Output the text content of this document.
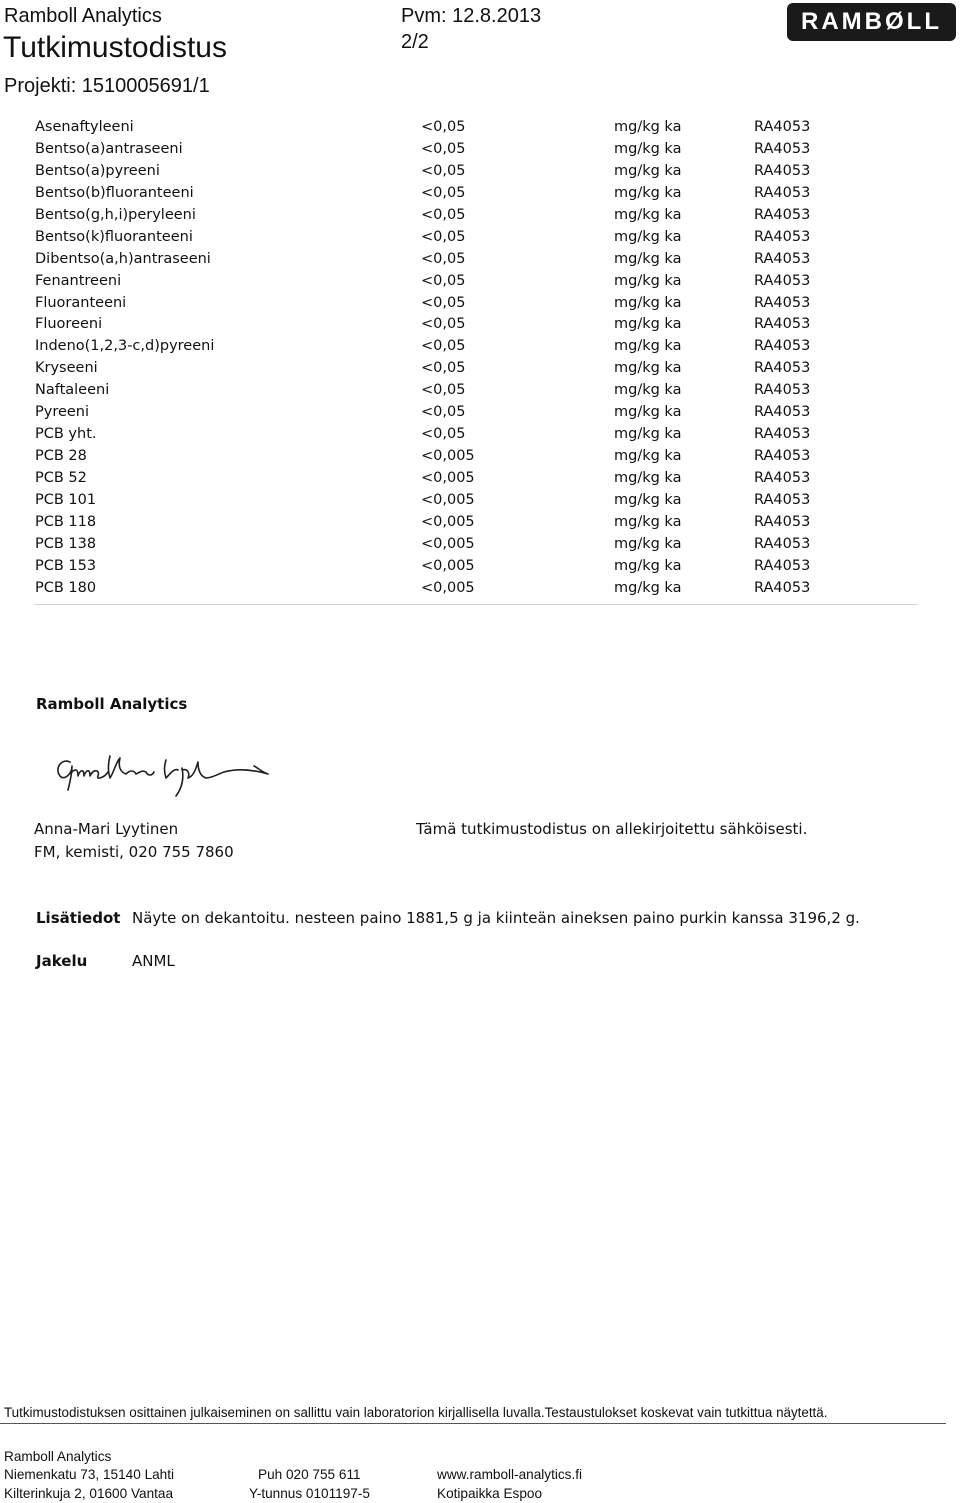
Ramboll Analytics
Tutkimustodistus
Projekti: 1510005691/1
Pvm: 12.8.2013
2/2
RAMBØLL
Asenaftyleeni	<0,05	mg/kg ka	RA4053
Bentso(a)antraseeni	<0,05	mg/kg ka	RA4053
Bentso(a)pyreeni	<0,05	mg/kg ka	RA4053
Bentso(b)fluoranteeni	<0,05	mg/kg ka	RA4053
Bentso(g,h,i)peryleeni	<0,05	mg/kg ka	RA4053
Bentso(k)fluoranteeni	<0,05	mg/kg ka	RA4053
Dibentso(a,h)antraseeni	<0,05	mg/kg ka	RA4053
Fenantreeni	<0,05	mg/kg ka	RA4053
Fluoranteeni	<0,05	mg/kg ka	RA4053
Fluoreeni	<0,05	mg/kg ka	RA4053
Indeno(1,2,3-c,d)pyreeni	<0,05	mg/kg ka	RA4053
Kryseeni	<0,05	mg/kg ka	RA4053
Naftaleeni	<0,05	mg/kg ka	RA4053
Pyreeni	<0,05	mg/kg ka	RA4053
PCB yht.	<0,05	mg/kg ka	RA4053
PCB 28	<0,005	mg/kg ka	RA4053
PCB 52	<0,005	mg/kg ka	RA4053
PCB 101	<0,005	mg/kg ka	RA4053
PCB 118	<0,005	mg/kg ka	RA4053
PCB 138	<0,005	mg/kg ka	RA4053
PCB 153	<0,005	mg/kg ka	RA4053
PCB 180	<0,005	mg/kg ka	RA4053
Ramboll Analytics
Anna-Mari Lyytinen
FM, kemisti, 020 755 7860
Tämä tutkimustodistus on allekirjoitettu sähköisesti.
Lisätiedot Näyte on dekantoitu. nesteen paino 1881,5 g ja kiinteän aineksen paino purkin kanssa 3196,2 g.
Jakelu	ANML
Tutkimustodistuksen osittainen julkaiseminen on sallittu vain laboratorion kirjallisella luvalla.Testaustulokset koskevat vain tutkittua näytettä.
Ramboll Analytics
Niemenkatu 73, 15140 Lahti	Puh 020 755 611	www.ramboll-analytics.fi
Kilterinkuja 2, 01600 Vantaa	Y-tunnus 0101197-5	Kotipaikka Espoo
